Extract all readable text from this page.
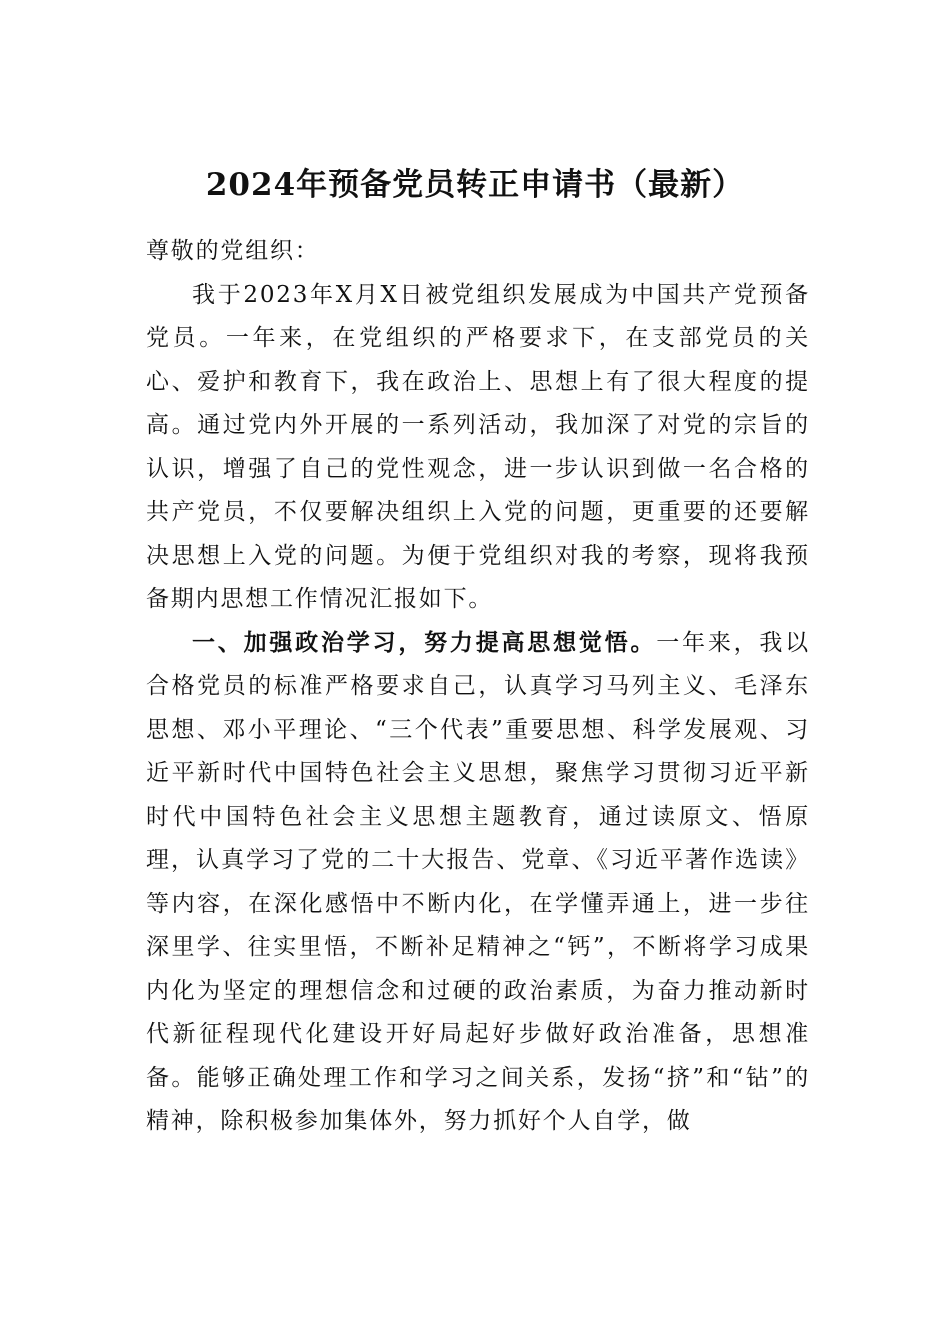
2024年预备党员转正申请书（最新）

尊敬的党组织：

我于2023年X月X日被党组织发展成为中国共产党预备党员。一年来，在党组织的严格要求下，在支部党员的关心、爱护和教育下，我在政治上、思想上有了很大程度的提高。通过党内外开展的一系列活动，我加深了对党的宗旨的认识，增强了自己的党性观念，进一步认识到做一名合格的共产党员，不仅要解决组织上入党的问题，更重要的还要解决思想上入党的问题。为便于党组织对我的考察，现将我预备期内思想工作情况汇报如下。

一、加强政治学习，努力提高思想觉悟。一年来，我以合格党员的标准严格要求自己，认真学习马列主义、毛泽东思想、邓小平理论、“三个代表”重要思想、科学发展观、习近平新时代中国特色社会主义思想，聚焦学习贯彻习近平新时代中国特色社会主义思想主题教育，通过读原文、悟原理，认真学习了党的二十大报告、党章、《习近平著作选读》等内容，在深化感悟中不断内化，在学懂弄通上，进一步往深里学、往实里悟，不断补足精神之“钙”，不断将学习成果内化为坚定的理想信念和过硬的政治素质，为奋力推动新时代新征程现代化建设开好局起好步做好政治准备，思想准备。能够正确处理工作和学习之间关系，发扬“挤”和“钻”的精神，除积极参加集体外，努力抓好个人自学，做
